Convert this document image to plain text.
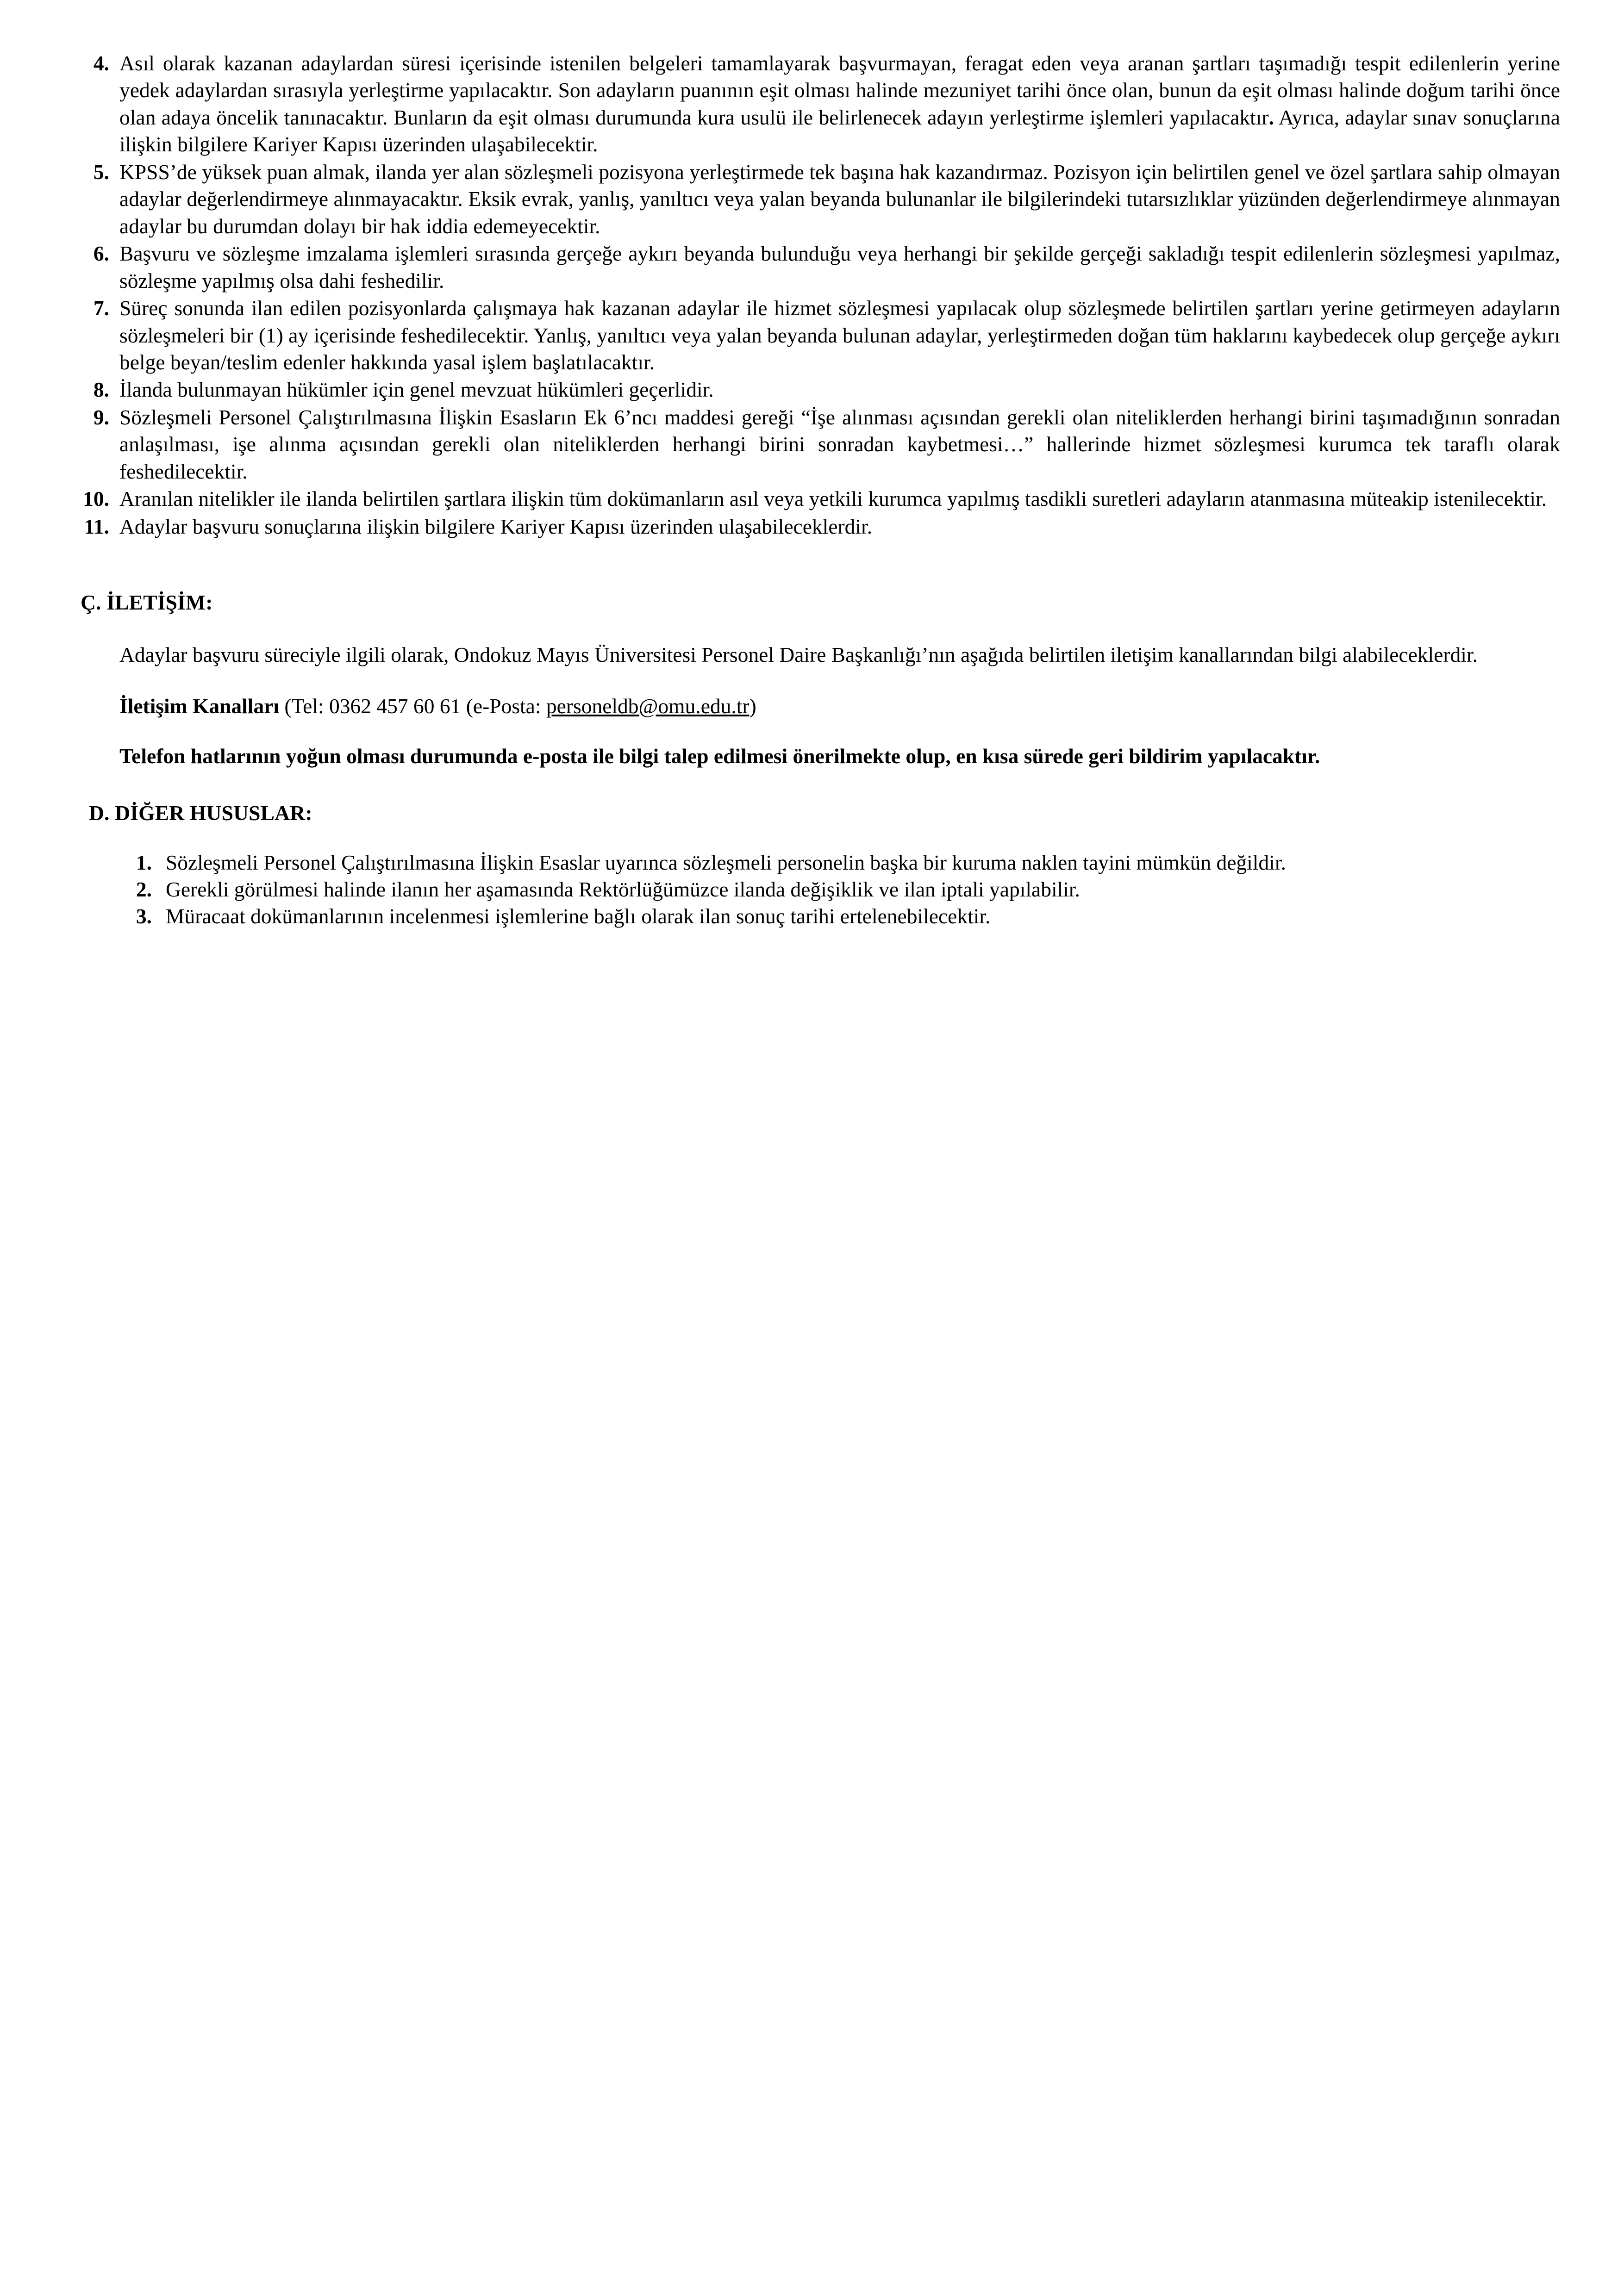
4. Asıl olarak kazanan adaylardan süresi içerisinde istenilen belgeleri tamamlayarak başvurmayan, feragat eden veya aranan şartları taşımadığı tespit edilenlerin yerine yedek adaylardan sırasıyla yerleştirme yapılacaktır. Son adayların puanının eşit olması halinde mezuniyet tarihi önce olan, bunun da eşit olması halinde doğum tarihi önce olan adaya öncelik tanınacaktır. Bunların da eşit olması durumunda kura usulü ile belirlenecek adayın yerleştirme işlemleri yapılacaktır. Ayrıca, adaylar sınav sonuçlarına ilişkin bilgilere Kariyer Kapısı üzerinden ulaşabilecektir.
5. KPSS’de yüksek puan almak, ilanda yer alan sözleşmeli pozisyona yerleştirmede tek başına hak kazandırmaz. Pozisyon için belirtilen genel ve özel şartlara sahip olmayan adaylar değerlendirmeye alınmayacaktır. Eksik evrak, yanlış, yanıltıcı veya yalan beyanda bulunanlar ile bilgilerindeki tutarsızlıklar yüzünden değerlendirmeye alınmayan adaylar bu durumdan dolayı bir hak iddia edemeyecektir.
6. Başvuru ve sözleşme imzalama işlemleri sırasında gerçeğe aykırı beyanda bulunduğu veya herhangi bir şekilde gerçeği sakladığı tespit edilenlerin sözleşmesi yapılmaz, sözleşme yapılmış olsa dahi feshedilir.
7. Süreç sonunda ilan edilen pozisyonlarda çalışmaya hak kazanan adaylar ile hizmet sözleşmesi yapılacak olup sözleşmede belirtilen şartları yerine getirmeyen adayların sözleşmeleri bir (1) ay içerisinde feshedilecektir. Yanlış, yanıltıcı veya yalan beyanda bulunan adaylar, yerleştirmeden doğan tüm haklarını kaybedecek olup gerçeğe aykırı belge beyan/teslim edenler hakkında yasal işlem başlatılacaktır.
8. İlanda bulunmayan hükümler için genel mevzuat hükümleri geçerlidir.
9. Sözleşmeli Personel Çalıştırılmasına İlişkin Esasların Ek 6’ncı maddesi gereği “İşe alınması açısından gerekli olan niteliklerden herhangi birini taşımadığının sonradan anlaşılması, işe alınma açısından gerekli olan niteliklerden herhangi birini sonradan kaybetmesi…” hallerinde hizmet sözleşmesi kurumca tek taraflı olarak feshedilecektir.
10. Aranılan nitelikler ile ilanda belirtilen şartlara ilişkin tüm dokümanların asıl veya yetkili kurumca yapılmış tasdikli suretleri adayların atanmasına müteakip istenilecektir.
11. Adaylar başvuru sonuçlarına ilişkin bilgilere Kariyer Kapısı üzerinden ulaşabileceklerdir.
Ç. İLETİŞİM:

Adaylar başvuru süreciyle ilgili olarak, Ondokuz Mayıs Üniversitesi Personel Daire Başkanlığı’nın aşağıda belirtilen iletişim kanallarından bilgi alabileceklerdir.

İletişim Kanalları (Tel: 0362 457 60 61 (e-Posta: personeldb@omu.edu.tr)

Telefon hatlarının yoğun olması durumunda e-posta ile bilgi talep edilmesi önerilmekte olup, en kısa sürede geri bildirim yapılacaktır.

D. DİĞER HUSUSLAR:
1. Sözleşmeli Personel Çalıştırılmasına İlişkin Esaslar uyarınca sözleşmeli personelin başka bir kuruma naklen tayini mümkün değildir.
2. Gerekli görülmesi halinde ilanın her aşamasında Rektörlüğümüzce ilanda değişiklik ve ilan iptali yapılabilir.
3. Müracaat dokümanlarının incelenmesi işlemlerine bağlı olarak ilan sonuç tarihi ertelenebilecektir.
